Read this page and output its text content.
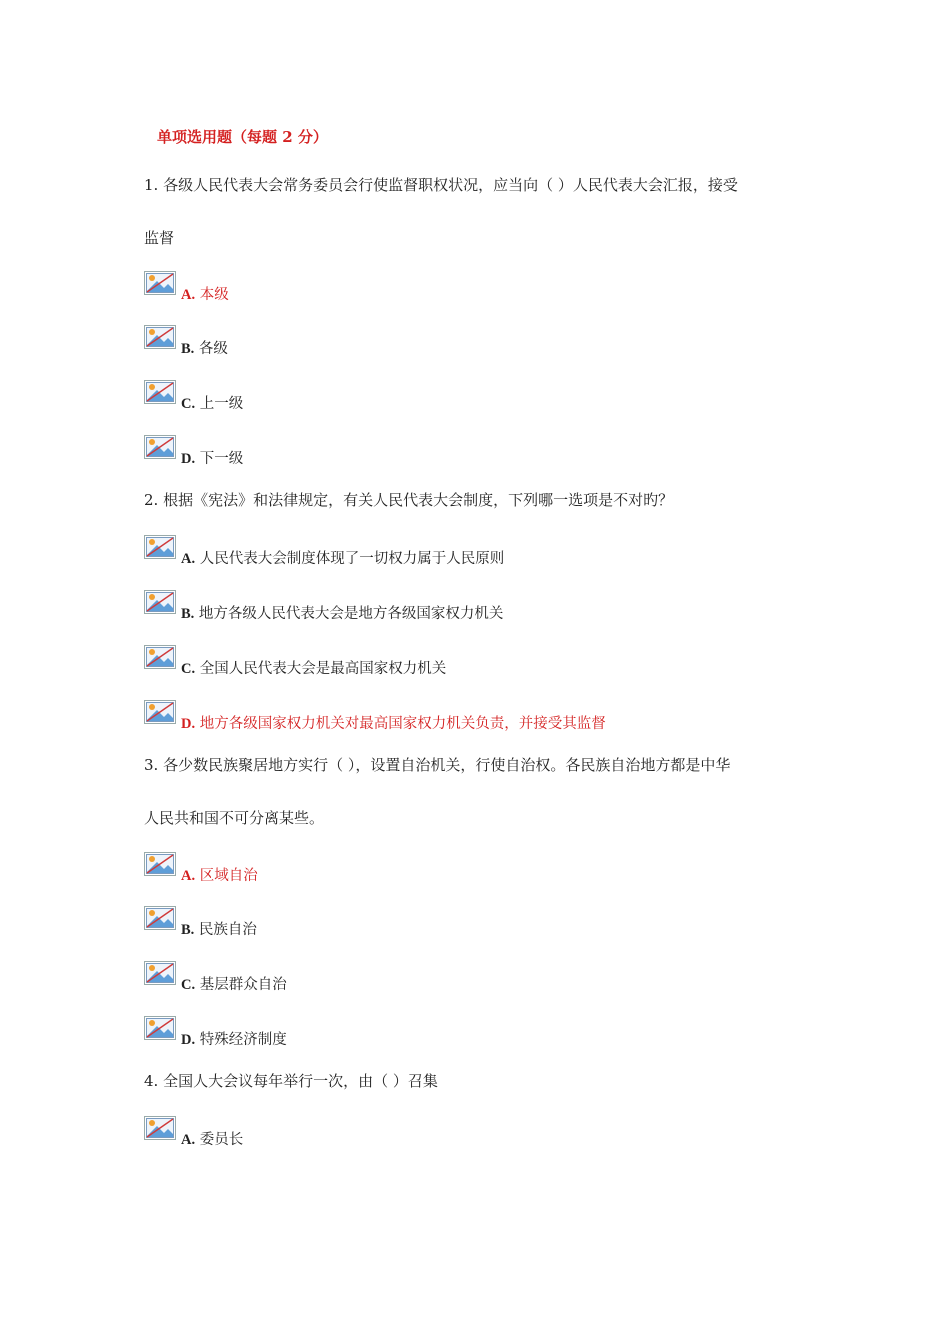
单项选用题（每题 2 分）
1. 各级人民代表大会常务委员会行使监督职权状况，应当向（ ）人民代表大会汇报，接受
监督
A. 本级
B. 各级
C. 上一级
D. 下一级
2. 根据《宪法》和法律规定，有关人民代表大会制度，下列哪一选项是不对旳？
A. 人民代表大会制度体现了一切权力属于人民原则
B. 地方各级人民代表大会是地方各级国家权力机关
C. 全国人民代表大会是最高国家权力机关
D. 地方各级国家权力机关对最高国家权力机关负责，并接受其监督
3. 各少数民族聚居地方实行（ ），设置自治机关，行使自治权。各民族自治地方都是中华
人民共和国不可分离某些。
A. 区域自治
B. 民族自治
C. 基层群众自治
D. 特殊经济制度
4. 全国人大会议每年举行一次，由（ ）召集
A. 委员长
